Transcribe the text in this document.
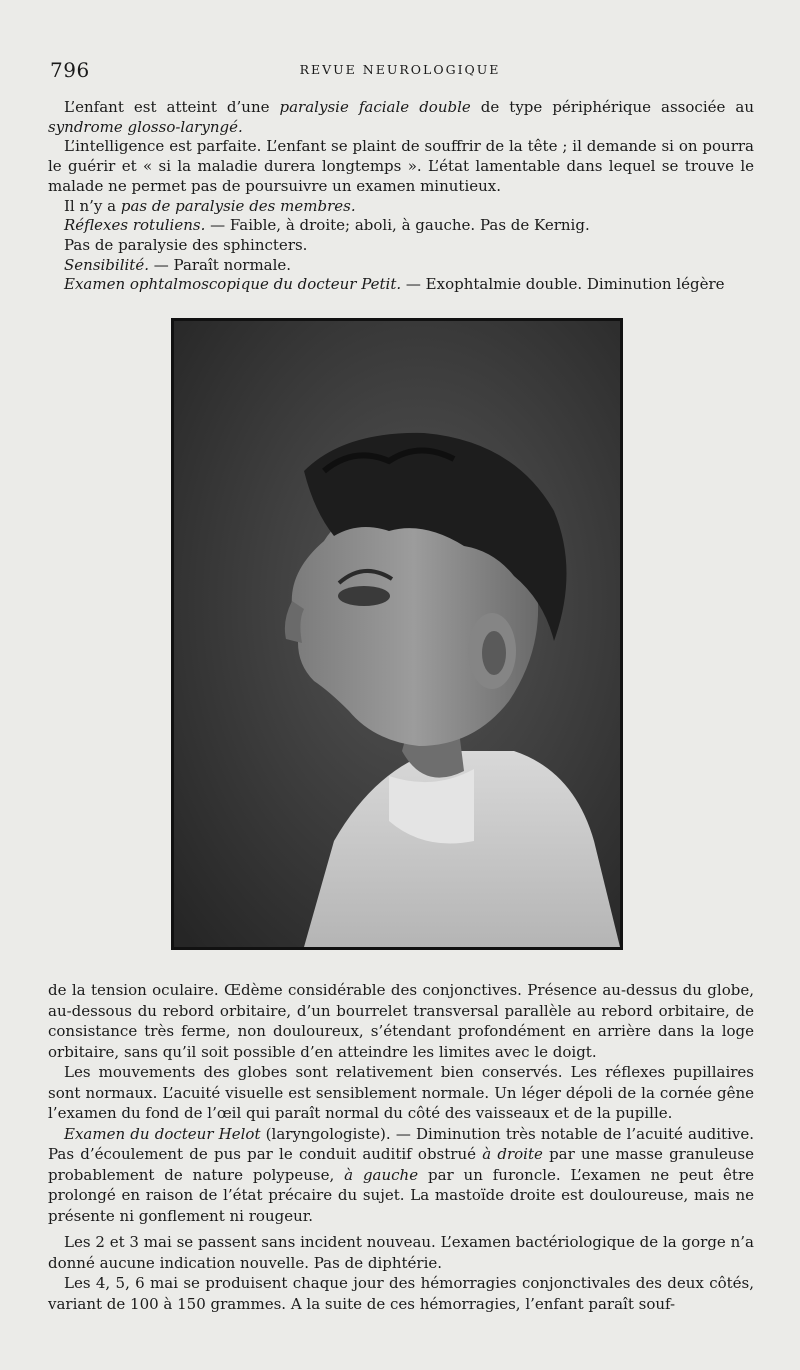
796	REVUE NEUROLOGIQUE

L’enfant est atteint d’une paralysie faciale double de type périphérique associée au syndrome glosso-laryngé.

L’intelligence est parfaite. L’enfant se plaint de souffrir de la tête ; il demande si on pourra le guérir et « si la maladie durera longtemps ». L’état lamentable dans lequel se trouve le malade ne permet pas de poursuivre un examen minutieux.

Il n’y a pas de paralysie des membres.

Réflexes rotuliens. — Faible, à droite; aboli, à gauche. Pas de Kernig.

Pas de paralysie des sphincters.

Sensibilité. — Paraît normale.

Examen ophtalmoscopique du docteur Petit. — Exophtalmie double. Diminution légère

de la tension oculaire. Œdème considérable des conjonctives. Présence au-dessus du globe, au-dessous du rebord orbitaire, d’un bourrelet transversal parallèle au rebord orbitaire, de consistance très ferme, non douloureux, s’étendant profondément en arrière dans la loge orbitaire, sans qu’il soit possible d’en atteindre les limites avec le doigt.

Les mouvements des globes sont relativement bien conservés. Les réflexes pupillaires sont normaux. L’acuité visuelle est sensiblement normale. Un léger dépoli de la cornée gêne l’examen du fond de l’œil qui paraît normal du côté des vaisseaux et de la pupille.

Examen du docteur Helot (laryngologiste). — Diminution très notable de l’acuité auditive. Pas d’écoulement de pus par le conduit auditif obstrué à droite par une masse granuleuse probablement de nature polypeuse, à gauche par un furoncle. L’examen ne peut être prolongé en raison de l’état précaire du sujet. La mastoïde droite est douloureuse, mais ne présente ni gonflement ni rougeur.

Les 2 et 3 mai se passent sans incident nouveau. L’examen bactériologique de la gorge n’a donné aucune indication nouvelle. Pas de diphtérie.

Les 4, 5, 6 mai se produisent chaque jour des hémorragies conjonctivales des deux côtés, variant de 100 à 150 grammes. A la suite de ces hémorragies, l’enfant paraît souf-
